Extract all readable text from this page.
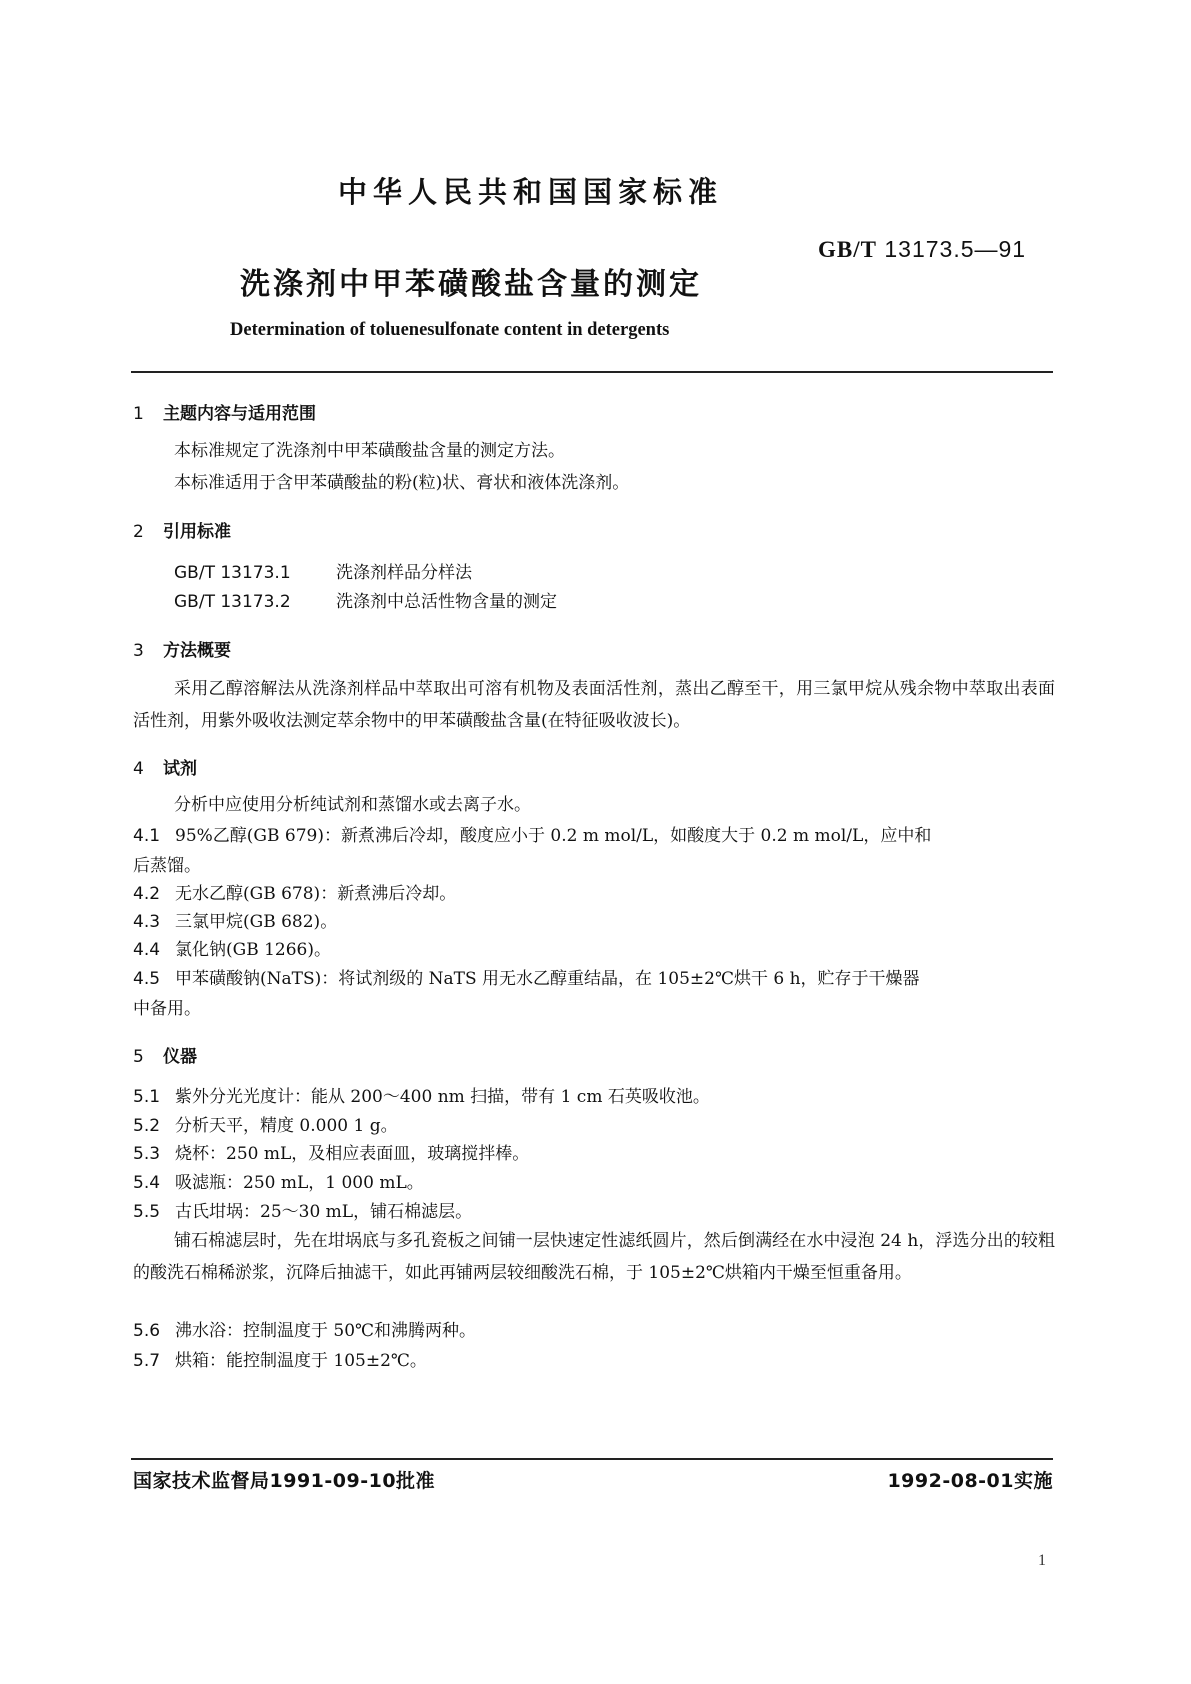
中华人民共和国国家标准
GB/T 13173.5—91
洗涤剂中甲苯磺酸盐含量的测定
Determination of toluenesulfonate content in detergents
1 主题内容与适用范围
本标准规定了洗涤剂中甲苯磺酸盐含量的测定方法。
本标准适用于含甲苯磺酸盐的粉(粒)状、膏状和液体洗涤剂。
2 引用标准
GB/T 13173.1	洗涤剂样品分样法
GB/T 13173.2	洗涤剂中总活性物含量的测定
3 方法概要
采用乙醇溶解法从洗涤剂样品中萃取出可溶有机物及表面活性剂，蒸出乙醇至干，用三氯甲烷从残余物中萃取出表面活性剂，用紫外吸收法测定萃余物中的甲苯磺酸盐含量(在特征吸收波长)。
4 试剂
分析中应使用分析纯试剂和蒸馏水或去离子水。
4.1 95%乙醇(GB 679)：新煮沸后冷却，酸度应小于 0.2 m mol/L，如酸度大于 0.2 m mol/L，应中和
后蒸馏。
4.2 无水乙醇(GB 678)：新煮沸后冷却。
4.3 三氯甲烷(GB 682)。
4.4 氯化钠(GB 1266)。
4.5 甲苯磺酸钠(NaTS)：将试剂级的 NaTS 用无水乙醇重结晶，在 105±2℃烘干 6 h，贮存于干燥器
中备用。
5 仪器
5.1 紫外分光光度计：能从 200～400 nm 扫描，带有 1 cm 石英吸收池。
5.2 分析天平，精度 0.000 1 g。
5.3 烧杯：250 mL，及相应表面皿，玻璃搅拌棒。
5.4 吸滤瓶：250 mL，1 000 mL。
5.5 古氏坩埚：25～30 mL，铺石棉滤层。
铺石棉滤层时，先在坩埚底与多孔瓷板之间铺一层快速定性滤纸圆片，然后倒满经在水中浸泡 24 h，浮选分出的较粗的酸洗石棉稀淤浆，沉降后抽滤干，如此再铺两层较细酸洗石棉，于 105±2℃烘箱内干燥至恒重备用。
5.6 沸水浴：控制温度于 50℃和沸腾两种。
5.7 烘箱：能控制温度于 105±2℃。
国家技术监督局1991-09-10批准	1992-08-01实施
1
